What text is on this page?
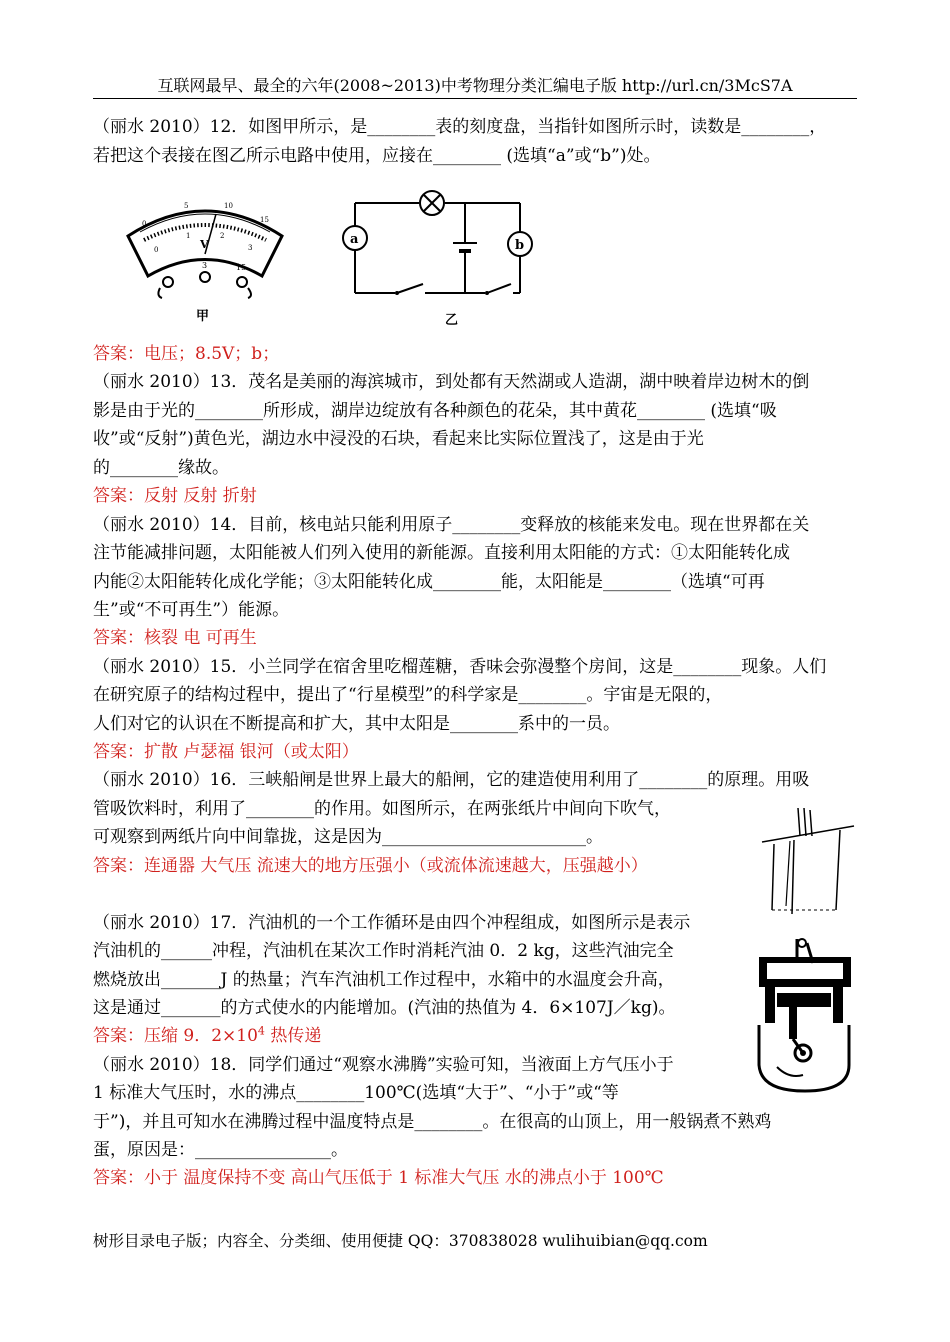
互联网最早、最全的六年(2008~2013)中考物理分类汇编电子版 http://url.cn/3McS7A
（丽水 2010）12．如图甲所示，是________表的刻度盘，当指针如图所示时，读数是________，
若把这个表接在图乙所示电路中使用，应接在________ (选填“a”或“b”)处。
0
5	10
15
0
1	2
3
V
-	3	15
甲
a	b
乙
答案：电压；8.5V；b；
（丽水 2010）13．茂名是美丽的海滨城市，到处都有天然湖或人造湖，湖中映着岸边树木的倒
影是由于光的________所形成，湖岸边绽放有各种颜色的花朵，其中黄花________ (选填“吸
收”或“反射”)黄色光，湖边水中浸没的石块，看起来比实际位置浅了，这是由于光
的________缘故。
答案：反射 反射 折射
（丽水 2010）14．目前，核电站只能利用原子________变释放的核能来发电。现在世界都在关
注节能减排问题，太阳能被人们列入使用的新能源。直接利用太阳能的方式：①太阳能转化成
内能②太阳能转化成化学能；③太阳能转化成________能，太阳能是________（选填“可再
生”或“不可再生”）能源。
答案：核裂 电 可再生
（丽水 2010）15．小兰同学在宿舍里吃榴莲糖，香味会弥漫整个房间，这是________现象。人们
在研究原子的结构过程中，提出了“行星模型”的科学家是________。宇宙是无限的，
人们对它的认识在不断提高和扩大，其中太阳是________系中的一员。
答案：扩散 卢瑟福 银河（或太阳）
（丽水 2010）16．三峡船闸是世界上最大的船闸，它的建造使用利用了________的原理。用吸
管吸饮料时，利用了________的作用。如图所示，在两张纸片中间向下吹气，
可观察到两纸片向中间靠拢，这是因为________________________。
答案：连通器 大气压 流速大的地方压强小（或流体流速越大，压强越小）
（丽水 2010）17．汽油机的一个工作循环是由四个冲程组成，如图所示是表示
汽油机的______冲程，汽油机在某次工作时消耗汽油 0．2 kg，这些汽油完全
燃烧放出_______J 的热量；汽车汽油机工作过程中，水箱中的水温度会升高，
这是通过_______的方式使水的内能增加。(汽油的热值为 4．6×107J／kg)。
答案：压缩 9．$2\times 10^4$ 热传递
（丽水 2010）18．同学们通过“观察水沸腾”实验可知，当液面上方气压小于
1 标准大气压时，水的沸点________100℃(选填“大于”、“小于”或“等
于”)，并且可知水在沸腾过程中温度特点是________。在很高的山顶上，用一般锅煮不熟鸡
蛋，原因是：________________。
答案：小于 温度保持不变 高山气压低于 1 标准大气压 水的沸点小于 100℃
树形目录电子版；内容全、分类细、使用便捷 QQ：370838028 wulihuibian@qq.com
